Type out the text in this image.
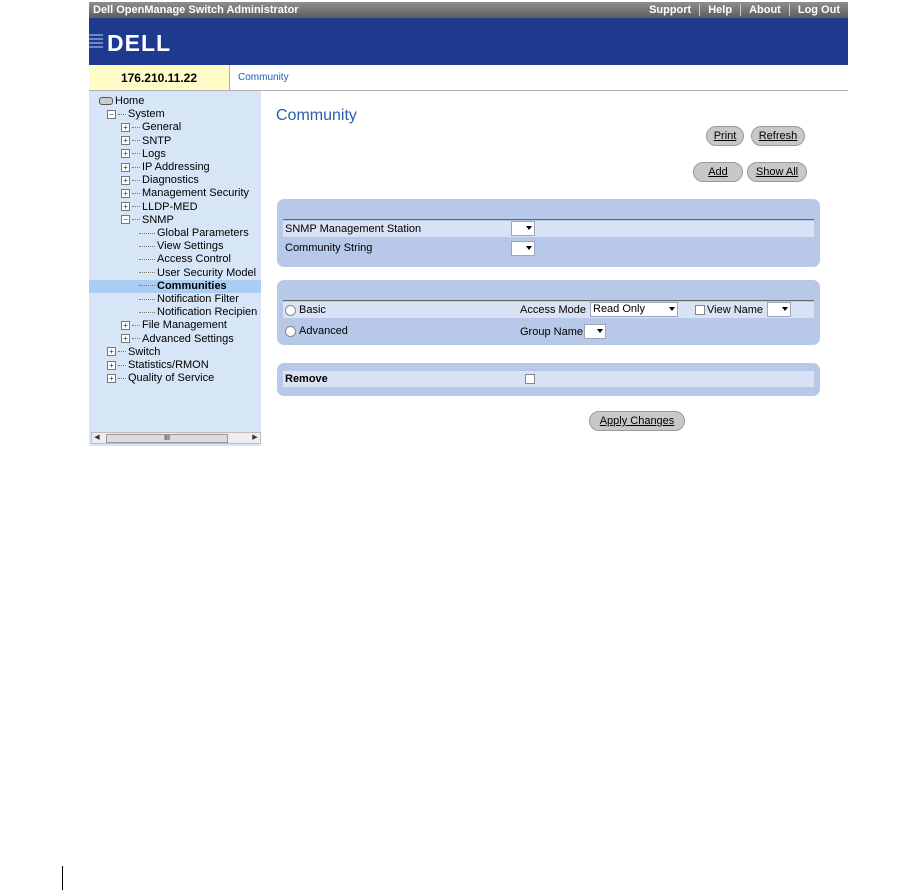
Dell OpenManage Switch Administrator	Support	Help	About	Log Out
DELL
176.210.11.22	Community
Home
− System
+ General
+ SNTP
+ Logs
+ IP Addressing
+ Diagnostics
+ Management Security
+ LLDP-MED
− SNMP
Global Parameters
View Settings
Access Control
User Security Model
Communities
Notification Filter
Notification Recipien
+ File Management
+ Advanced Settings
+ Switch
+ Statistics/RMON
+ Quality of Service
◀	III	▶
Community
Print	Refresh
Add	Show All
SNMP Management Station
Community String
Basic	Access Mode Read Only	View Name
Advanced	Group Name
Remove
Apply Changes
